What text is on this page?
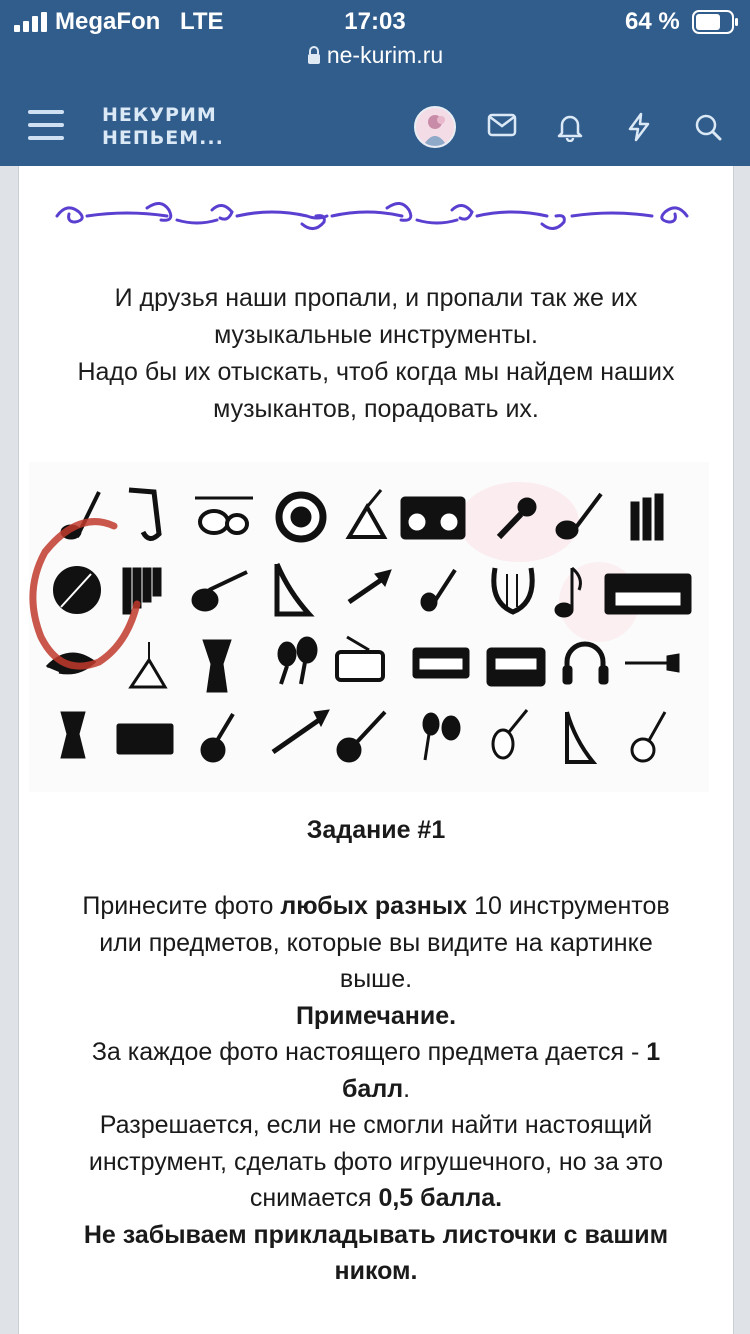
MegaFon LTE	17:03	64 %
ne-kurim.ru
НЕКУРИМ
НЕПЬЕМ...

И друзья наши пропали, и пропали так же их

музыкальные инструменты.

Надо бы их отыскать, чтоб когда мы найдем наших

музыкантов, порадовать их.

Задание #1

Принесите фото любых разных 10 инструментов
или предметов, которые вы видите на картинке
выше.

Примечание.

За каждое фото настоящего предмета дается - 1
балл.

Разрешается, если не смогли найти настоящий
инструмент, сделать фото игрушечного, но за это
снимается 0,5 балла.

Не забываем прикладывать листочки с вашим
ником.
